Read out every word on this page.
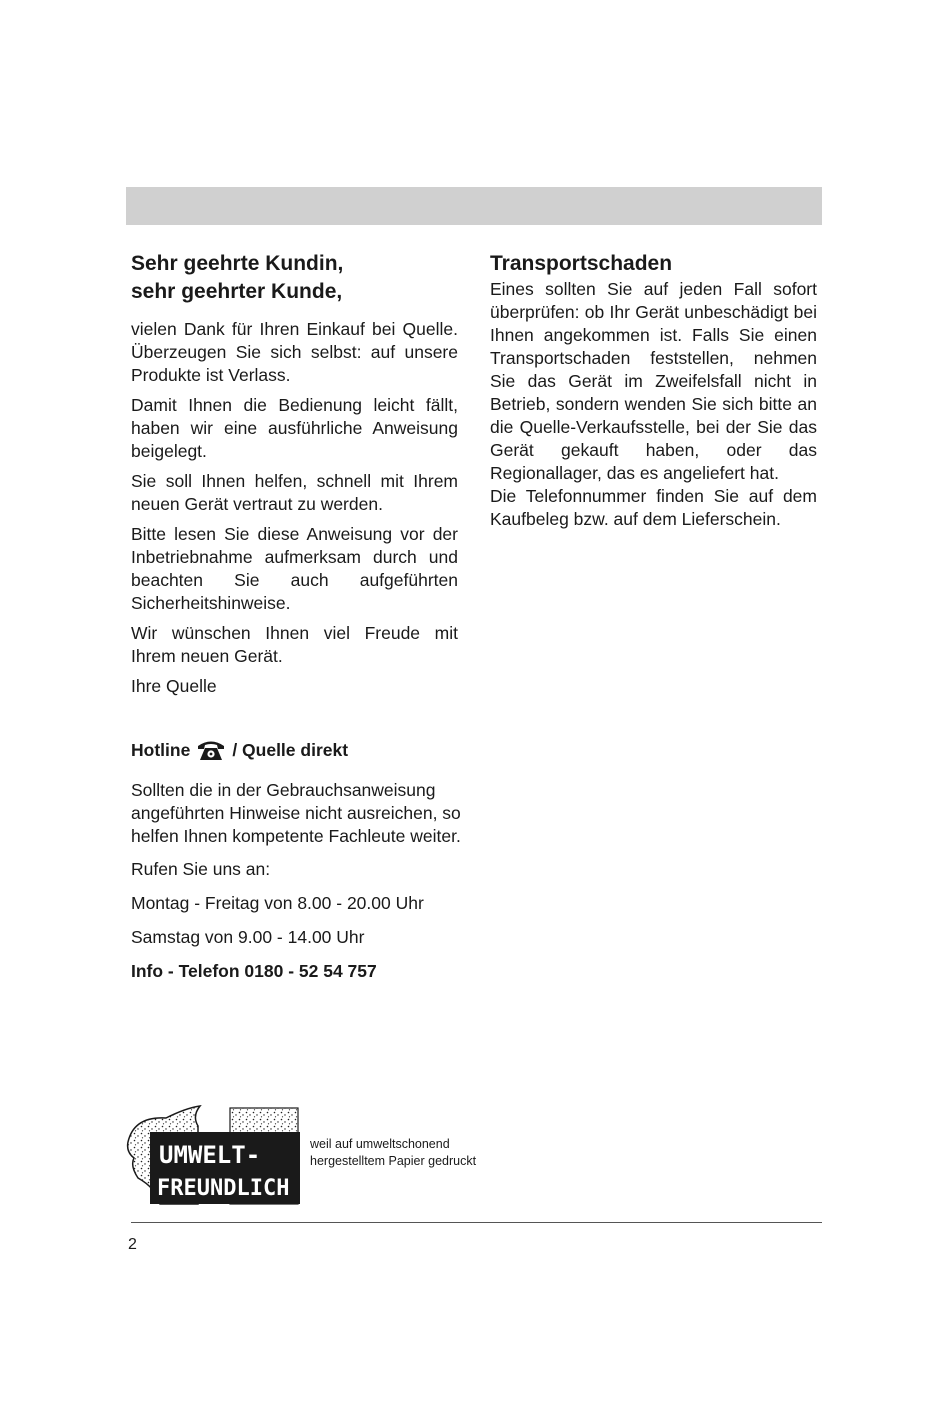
Sehr geehrte Kundin,
sehr geehrter Kunde,

vielen Dank für Ihren Einkauf bei Quelle. Überzeugen Sie sich selbst: auf unsere Produkte ist Verlass.

Damit Ihnen die Bedienung leicht fällt, haben wir eine ausführliche Anweisung beigelegt.

Sie soll Ihnen helfen, schnell mit Ihrem neuen Gerät vertraut zu werden.

Bitte lesen Sie diese Anweisung vor der Inbetriebnahme aufmerksam durch und beachten Sie auch aufgeführten Sicherheitshinweise.

Wir wünschen Ihnen viel Freude mit Ihrem neuen Gerät.

Ihre Quelle

Transportschaden

Eines sollten Sie auf jeden Fall sofort überprüfen: ob Ihr Gerät unbeschädigt bei Ihnen angekommen ist. Falls Sie einen Transportschaden feststellen, nehmen Sie das Gerät im Zweifelsfall nicht in Betrieb, sondern wenden Sie sich bitte an die Quelle-Verkaufsstelle, bei der Sie das Gerät gekauft haben, oder das Regionallager, das es angeliefert hat.

Die Telefonnummer finden Sie auf dem Kaufbeleg bzw. auf dem Lieferschein.

Hotline / Quelle direkt

Sollten die in der Gebrauchsanweisung angeführten Hinweise nicht ausreichen, so helfen Ihnen kompetente Fachleute weiter.

Rufen Sie uns an:

Montag - Freitag von 8.00 - 20.00 Uhr

Samstag von 9.00 - 14.00 Uhr

Info - Telefon 0180 - 52 54 757

UMWELT-
FREUNDLICH
weil auf umweltschonend
hergestelltem Papier gedruckt
2
